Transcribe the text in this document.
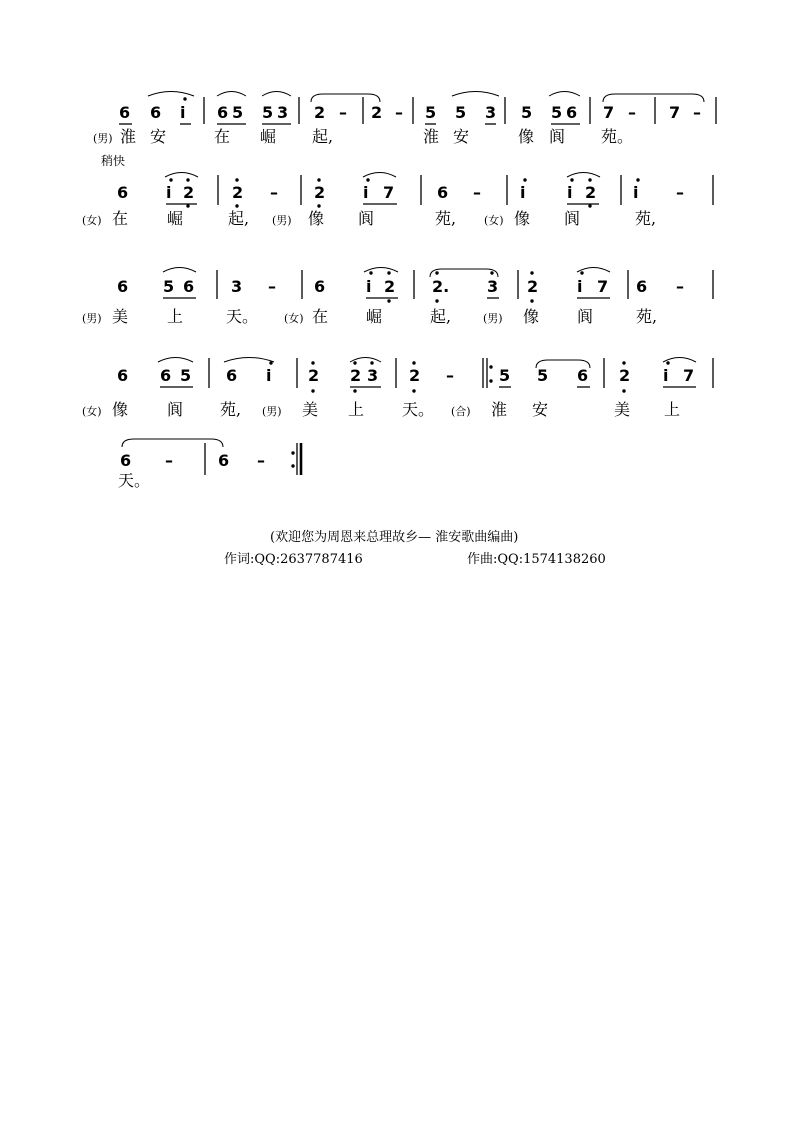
6 6 i 6 5 5 3 2 – 2 – 5 5 3 5 5 6 7 – 7 –
(男) 淮 安	在 崛 起,	淮 安	像 阆 苑。
稍快
6 i 2 2 – 2 i 7	6 – i	i 2 i –
(女) 在 崛	起, (男) 像 阆	苑,	(女) 像 阆	苑,
6 5 6 3 – 6	i 2 2. 3 2 i 7 6 –
(男) 美 上	天。 (女) 在 崛	起,	(男) 像 阆	苑,
6 6 5 6 i 2 2 3 2 –	5 5 6 2 i 7
(女) 像 阆 苑, (男) 美 上 天。 (合) 淮 安	美 上
6 –	6 –
天。
(欢迎您为周恩来总理故乡— 淮安歌曲编曲)
作词:QQ:2637787416	作曲:QQ:1574138260
